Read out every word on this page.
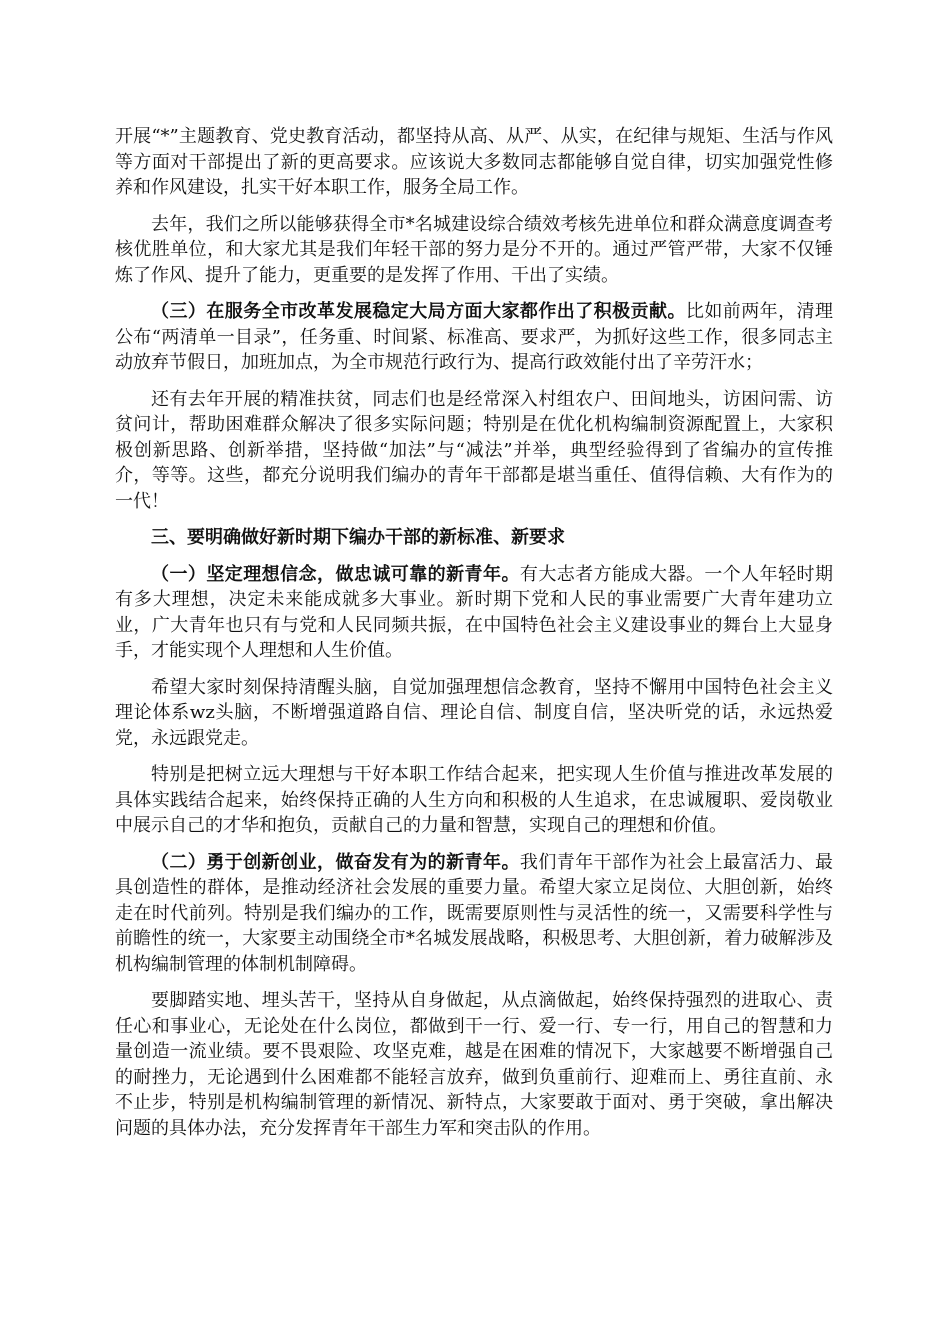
开展“*”主题教育、党史教育活动，都坚持从高、从严、从实，在纪律与规矩、生活与作风等方面对干部提出了新的更高要求。应该说大多数同志都能够自觉自律，切实加强党性修养和作风建设，扎实干好本职工作，服务全局工作。

去年，我们之所以能够获得全市*名城建设综合绩效考核先进单位和群众满意度调查考核优胜单位，和大家尤其是我们年轻干部的努力是分不开的。通过严管严带，大家不仅锤炼了作风、提升了能力，更重要的是发挥了作用、干出了实绩。

（三）在服务全市改革发展稳定大局方面大家都作出了积极贡献。比如前两年，清理公布“两清单一目录”，任务重、时间紧、标准高、要求严，为抓好这些工作，很多同志主动放弃节假日，加班加点，为全市规范行政行为、提高行政效能付出了辛劳汗水；

还有去年开展的精准扶贫，同志们也是经常深入村组农户、田间地头，访困问需、访贫问计，帮助困难群众解决了很多实际问题；特别是在优化机构编制资源配置上，大家积极创新思路、创新举措，坚持做“加法”与“减法”并举，典型经验得到了省编办的宣传推介，等等。这些，都充分说明我们编办的青年干部都是堪当重任、值得信赖、大有作为的一代！

三、要明确做好新时期下编办干部的新标准、新要求

（一）坚定理想信念，做忠诚可靠的新青年。有大志者方能成大器。一个人年轻时期有多大理想，决定未来能成就多大事业。新时期下党和人民的事业需要广大青年建功立业，广大青年也只有与党和人民同频共振，在中国特色社会主义建设事业的舞台上大显身手，才能实现个人理想和人生价值。

希望大家时刻保持清醒头脑，自觉加强理想信念教育，坚持不懈用中国特色社会主义理论体系wz头脑，不断增强道路自信、理论自信、制度自信，坚决听党的话，永远热爱党，永远跟党走。

特别是把树立远大理想与干好本职工作结合起来，把实现人生价值与推进改革发展的具体实践结合起来，始终保持正确的人生方向和积极的人生追求，在忠诚履职、爱岗敬业中展示自己的才华和抱负，贡献自己的力量和智慧，实现自己的理想和价值。

（二）勇于创新创业，做奋发有为的新青年。我们青年干部作为社会上最富活力、最具创造性的群体，是推动经济社会发展的重要力量。希望大家立足岗位、大胆创新，始终走在时代前列。特别是我们编办的工作，既需要原则性与灵活性的统一，又需要科学性与前瞻性的统一，大家要主动围绕全市*名城发展战略，积极思考、大胆创新，着力破解涉及机构编制管理的体制机制障碍。

要脚踏实地、埋头苦干，坚持从自身做起，从点滴做起，始终保持强烈的进取心、责任心和事业心，无论处在什么岗位，都做到干一行、爱一行、专一行，用自己的智慧和力量创造一流业绩。要不畏艰险、攻坚克难，越是在困难的情况下，大家越要不断增强自己的耐挫力，无论遇到什么困难都不能轻言放弃，做到负重前行、迎难而上、勇往直前、永不止步，特别是机构编制管理的新情况、新特点，大家要敢于面对、勇于突破，拿出解决问题的具体办法，充分发挥青年干部生力军和突击队的作用。
